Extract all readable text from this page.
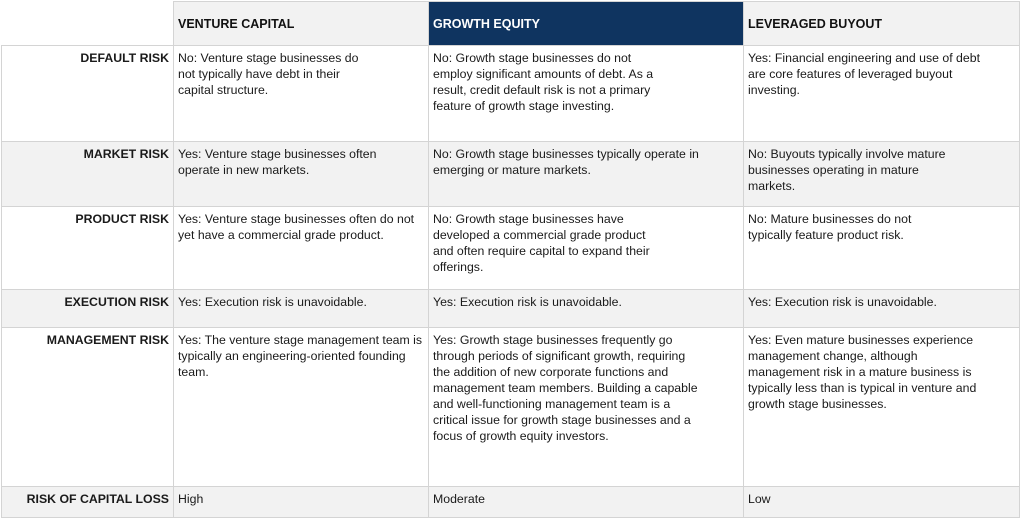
	VENTURE CAPITAL	GROWTH EQUITY	LEVERAGED BUYOUT
DEFAULT RISK	No: Venture stage businesses do not typically have debt in their capital structure.	No: Growth stage businesses do not employ significant amounts of debt. As a result, credit default risk is not a primary feature of growth stage investing.	Yes: Financial engineering and use of debt are core features of leveraged buyout investing.

MARKET RISK	Yes: Venture stage businesses often operate in new markets.	No: Growth stage businesses typically operate in emerging or mature markets.	No: Buyouts typically involve mature businesses operating in mature markets.

PRODUCT RISK	Yes: Venture stage businesses often do not yet have a commercial grade product.	No: Growth stage businesses have developed a commercial grade product and often require capital to expand their offerings.	No: Mature businesses do not typically feature product risk.

EXECUTION RISK	Yes: Execution risk is unavoidable.	Yes: Execution risk is unavoidable.	Yes: Execution risk is unavoidable.
MANAGEMENT RISK	Yes: The venture stage management team is typically an engineering-oriented founding team.	Yes: Growth stage businesses frequently go through periods of significant growth, requiring the addition of new corporate functions and management team members. Building a capable and well-functioning management team is a critical issue for growth stage businesses and a focus of growth equity investors.	Yes: Even mature businesses experience management change, although management risk in a mature business is typically less than is typical in venture and growth stage businesses.

RISK OF CAPITAL LOSS	High	Moderate	Low
